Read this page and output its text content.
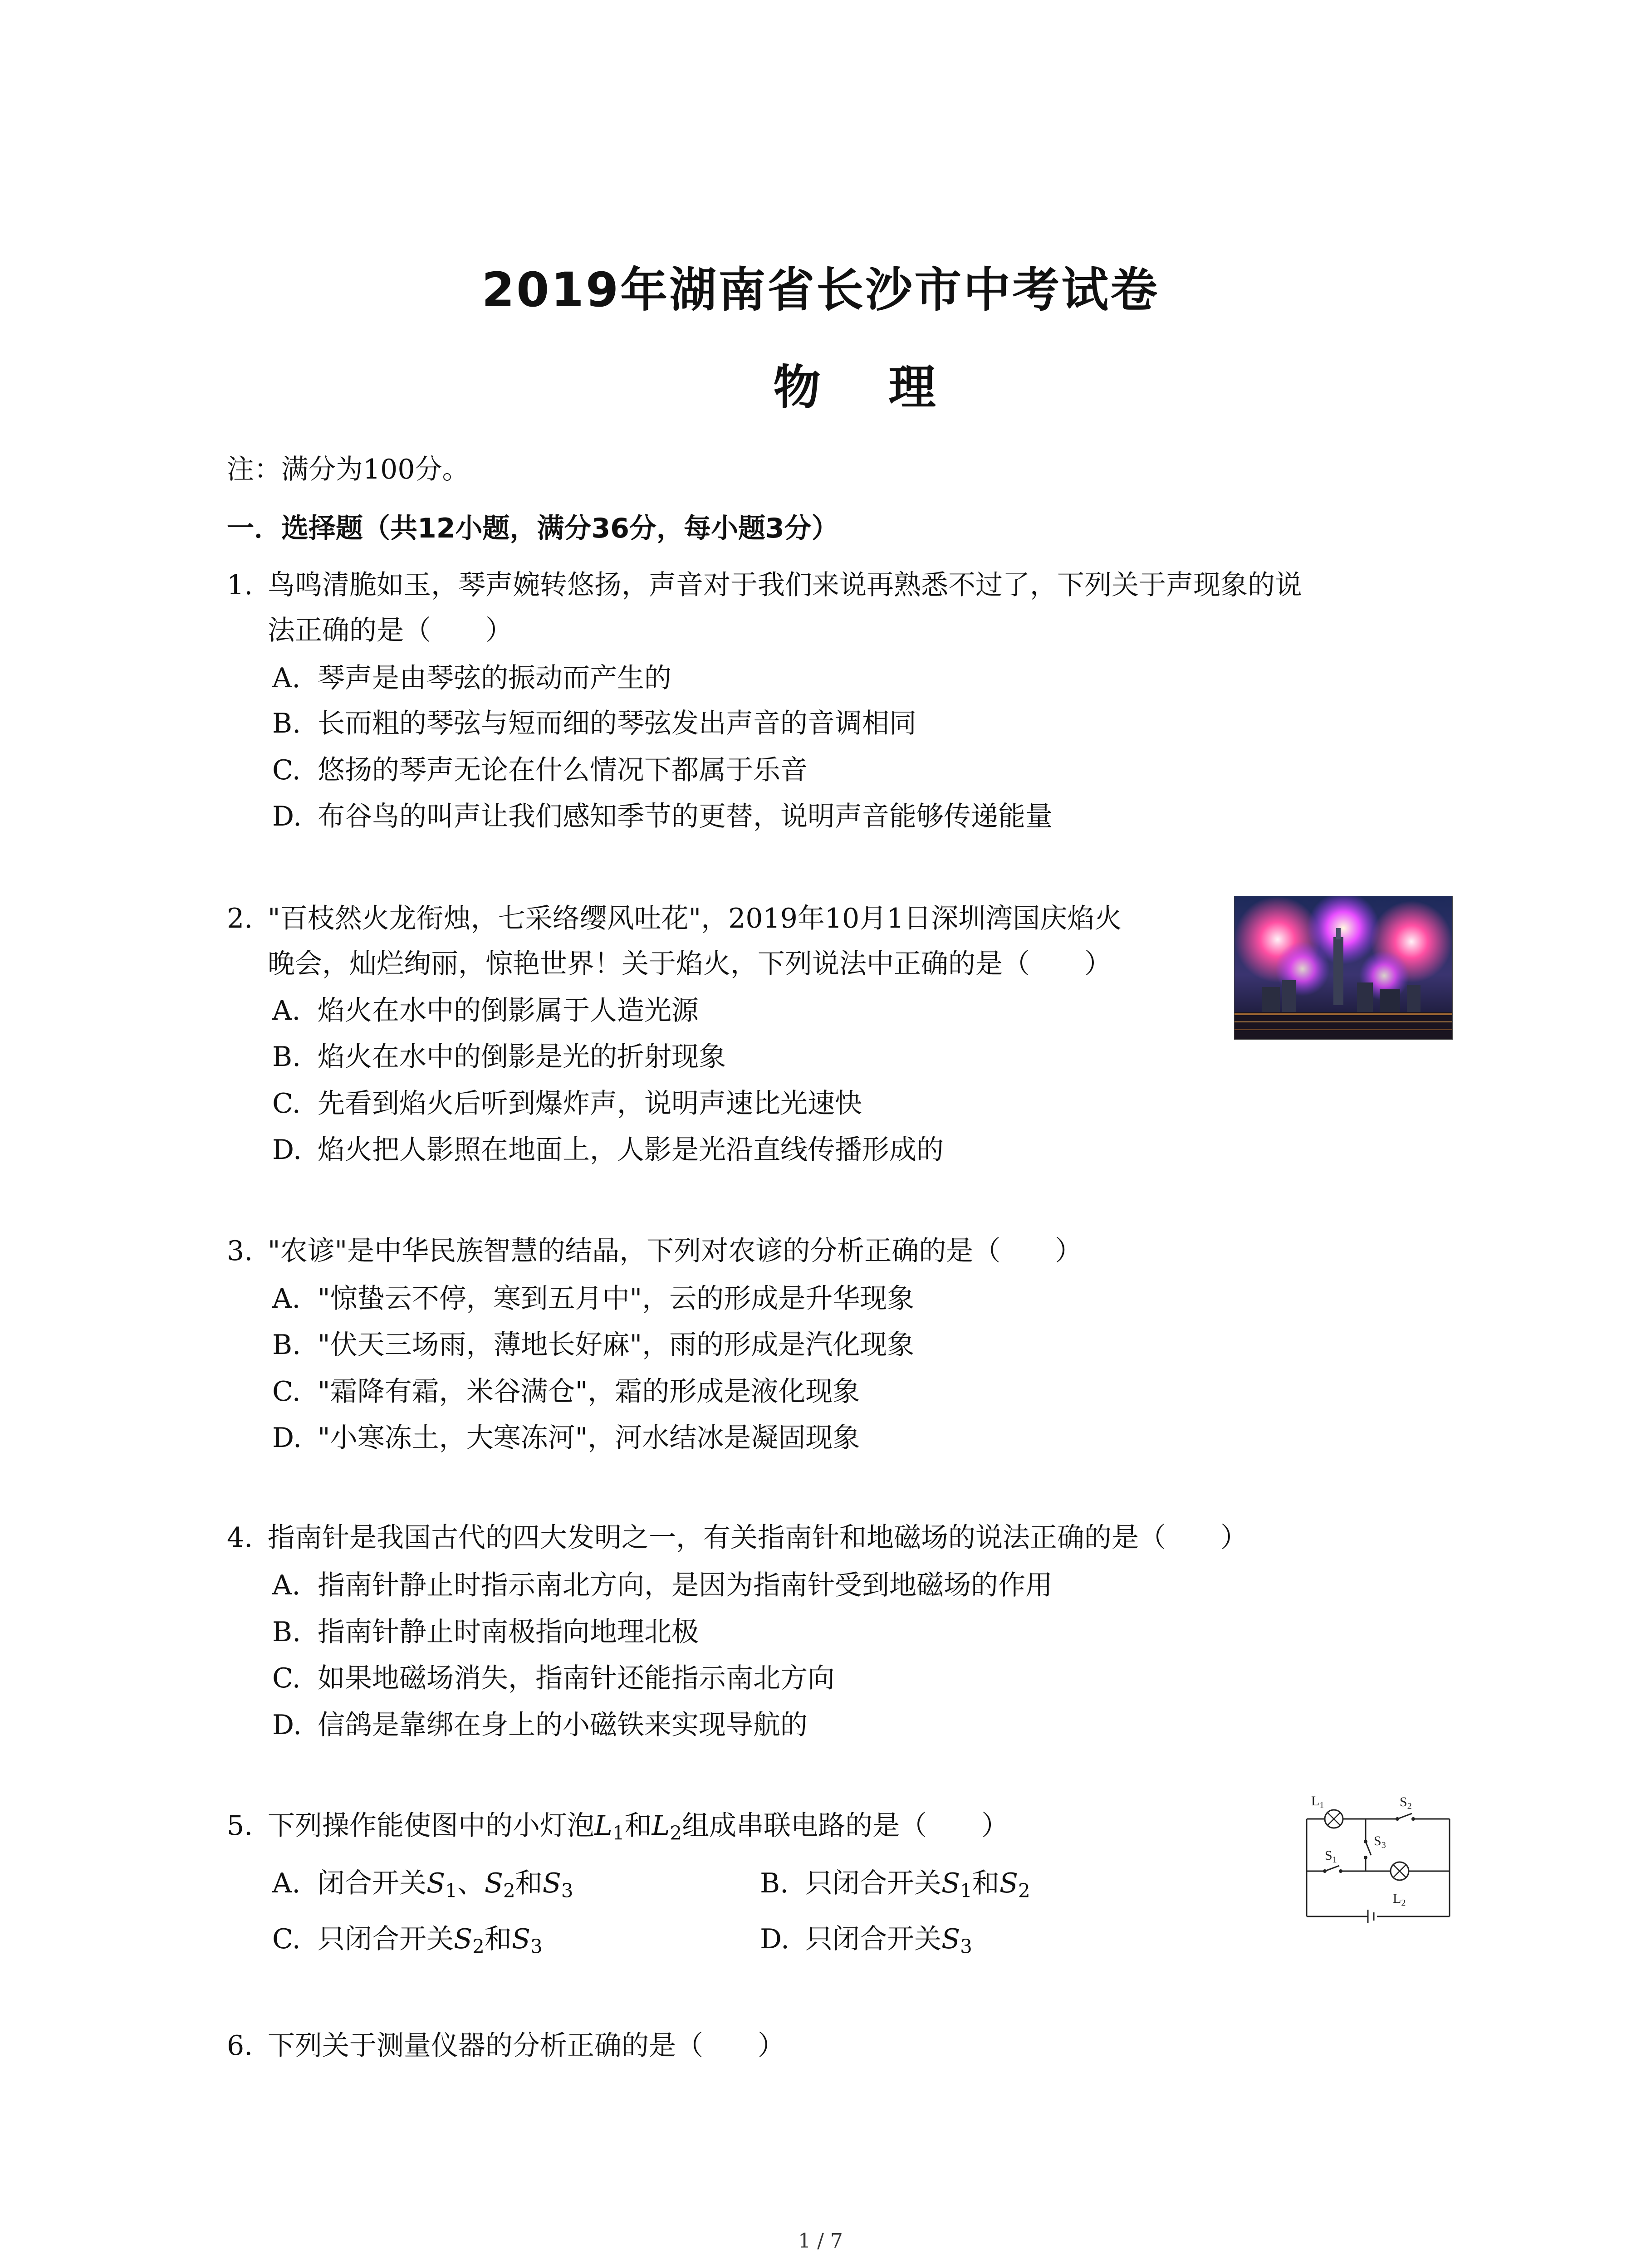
2019年湖南省长沙市中考试卷
物理
注：满分为100分。
一．选择题（共12小题，满分36分，每小题3分）
1. 鸟鸣清脆如玉，琴声婉转悠扬，声音对于我们来说再熟悉不过了，下列关于声现象的说
法正确的是（　　）
A. 琴声是由琴弦的振动而产生的
B. 长而粗的琴弦与短而细的琴弦发出声音的音调相同
C. 悠扬的琴声无论在什么情况下都属于乐音
D. 布谷鸟的叫声让我们感知季节的更替，说明声音能够传递能量
2. "百枝然火龙衔烛，七采络缨风吐花"，2019年10月1日深圳湾国庆焰火
晚会，灿烂绚丽，惊艳世界！关于焰火，下列说法中正确的是（　　）
A. 焰火在水中的倒影属于人造光源
B. 焰火在水中的倒影是光的折射现象
C. 先看到焰火后听到爆炸声，说明声速比光速快
D. 焰火把人影照在地面上，人影是光沿直线传播形成的
3. "农谚"是中华民族智慧的结晶，下列对农谚的分析正确的是（　　）
A. "惊蛰云不停，寒到五月中"，云的形成是升华现象
B. "伏天三场雨，薄地长好麻"，雨的形成是汽化现象
C. "霜降有霜，米谷满仓"，霜的形成是液化现象
D. "小寒冻土，大寒冻河"，河水结冰是凝固现象
4. 指南针是我国古代的四大发明之一，有关指南针和地磁场的说法正确的是（　　）
A. 指南针静止时指示南北方向，是因为指南针受到地磁场的作用
B. 指南针静止时南极指向地理北极
C. 如果地磁场消失，指南针还能指示南北方向
D. 信鸽是靠绑在身上的小磁铁来实现导航的
5. 下列操作能使图中的小灯泡$L_1$和$L_2$组成串联电路的是（　　）
A. 闭合开关$S_1$、$S_2$和$S_3$	B. 只闭合开关$S_1$和$S_2$
C. 只闭合开关$S_2$和$S_3$	D. 只闭合开关$S_3$
$L_1$	$S_2$
$S_1$
$S_3$
$L_2$
6. 下列关于测量仪器的分析正确的是（　　）
1 / 7
